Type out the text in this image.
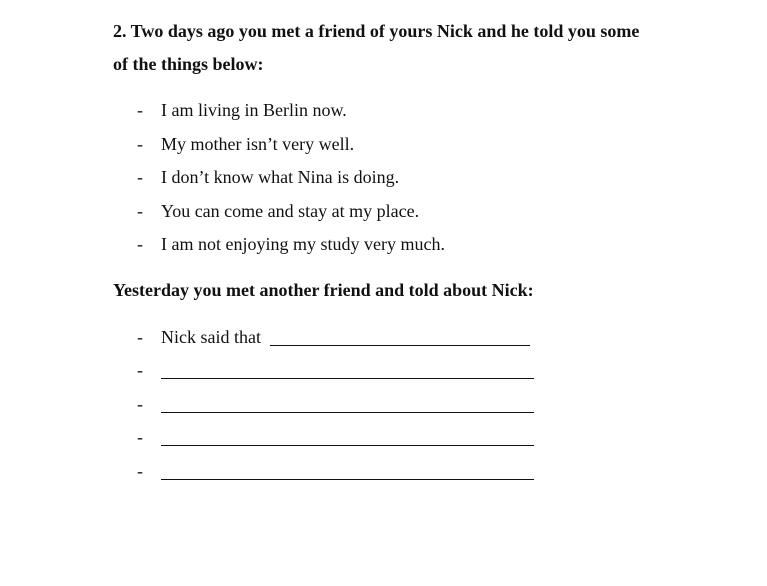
2. Two days ago you met a friend of yours Nick and he told you some
of the things below:
- I am living in Berlin now.
- My mother isn’t very well.
- I don’t know what Nina is doing.
- You can come and stay at my place.
- I am not enjoying my study very much.
Yesterday you met another friend and told about Nick:
- Nick said that
-
-
-
-
